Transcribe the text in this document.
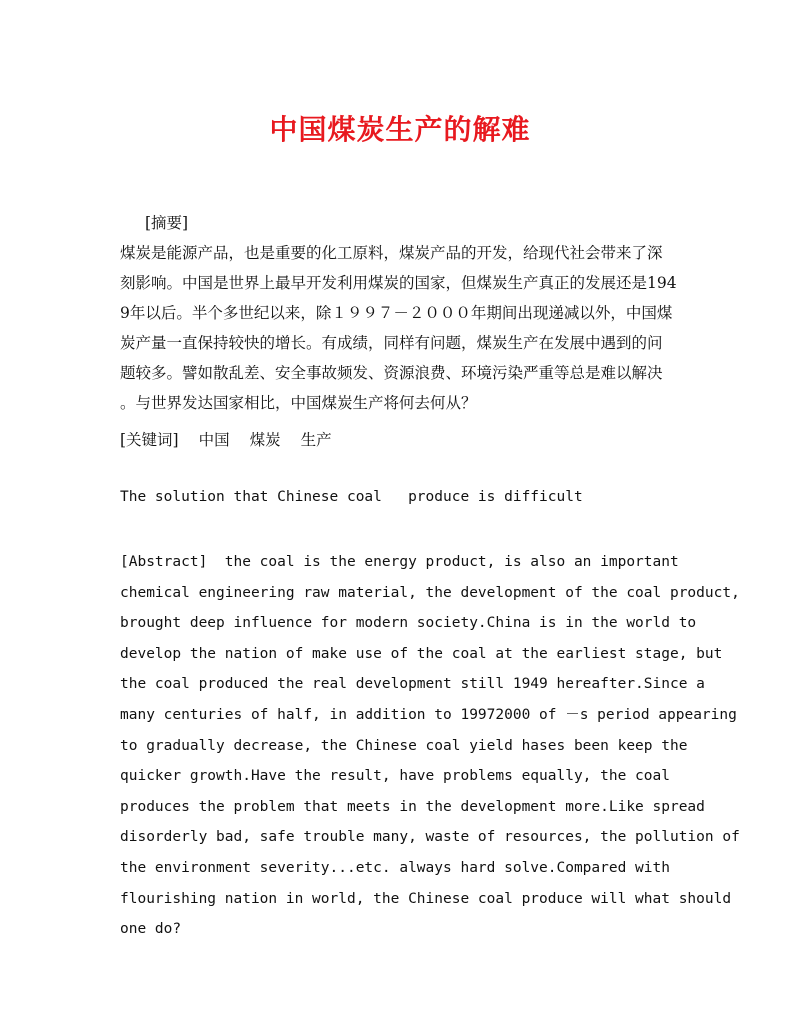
中国煤炭生产的解难
[摘要]
煤炭是能源产品，也是重要的化工原料，煤炭产品的开发，给现代社会带来了深
刻影响。中国是世界上最早开发利用煤炭的国家，但煤炭生产真正的发展还是194
9年以后。半个多世纪以来，除１９９７－２０００年期间出现递减以外，中国煤
炭产量一直保持较快的增长。有成绩，同样有问题，煤炭生产在发展中遇到的问
题较多。譬如散乱差、安全事故频发、资源浪费、环境污染严重等总是难以解决
。与世界发达国家相比，中国煤炭生产将何去何从？
[关键词] 中国 煤炭 生产
The solution that Chinese coal   produce is difficult
[Abstract]  the coal is the energy product, is also an important
chemical engineering raw material, the development of the coal product,
brought deep influence for modern society.China is in the world to
develop the nation of make use of the coal at the earliest stage, but
the coal produced the real development still 1949 hereafter.Since a
many centuries of half, in addition to 19972000 of －s period appearing
to gradually decrease, the Chinese coal yield hases been keep the
quicker growth.Have the result, have problems equally, the coal
produces the problem that meets in the development more.Like spread
disorderly bad, safe trouble many, waste of resources, the pollution of
the environment severity...etc. always hard solve.Compared with
flourishing nation in world, the Chinese coal produce will what should
one do?
